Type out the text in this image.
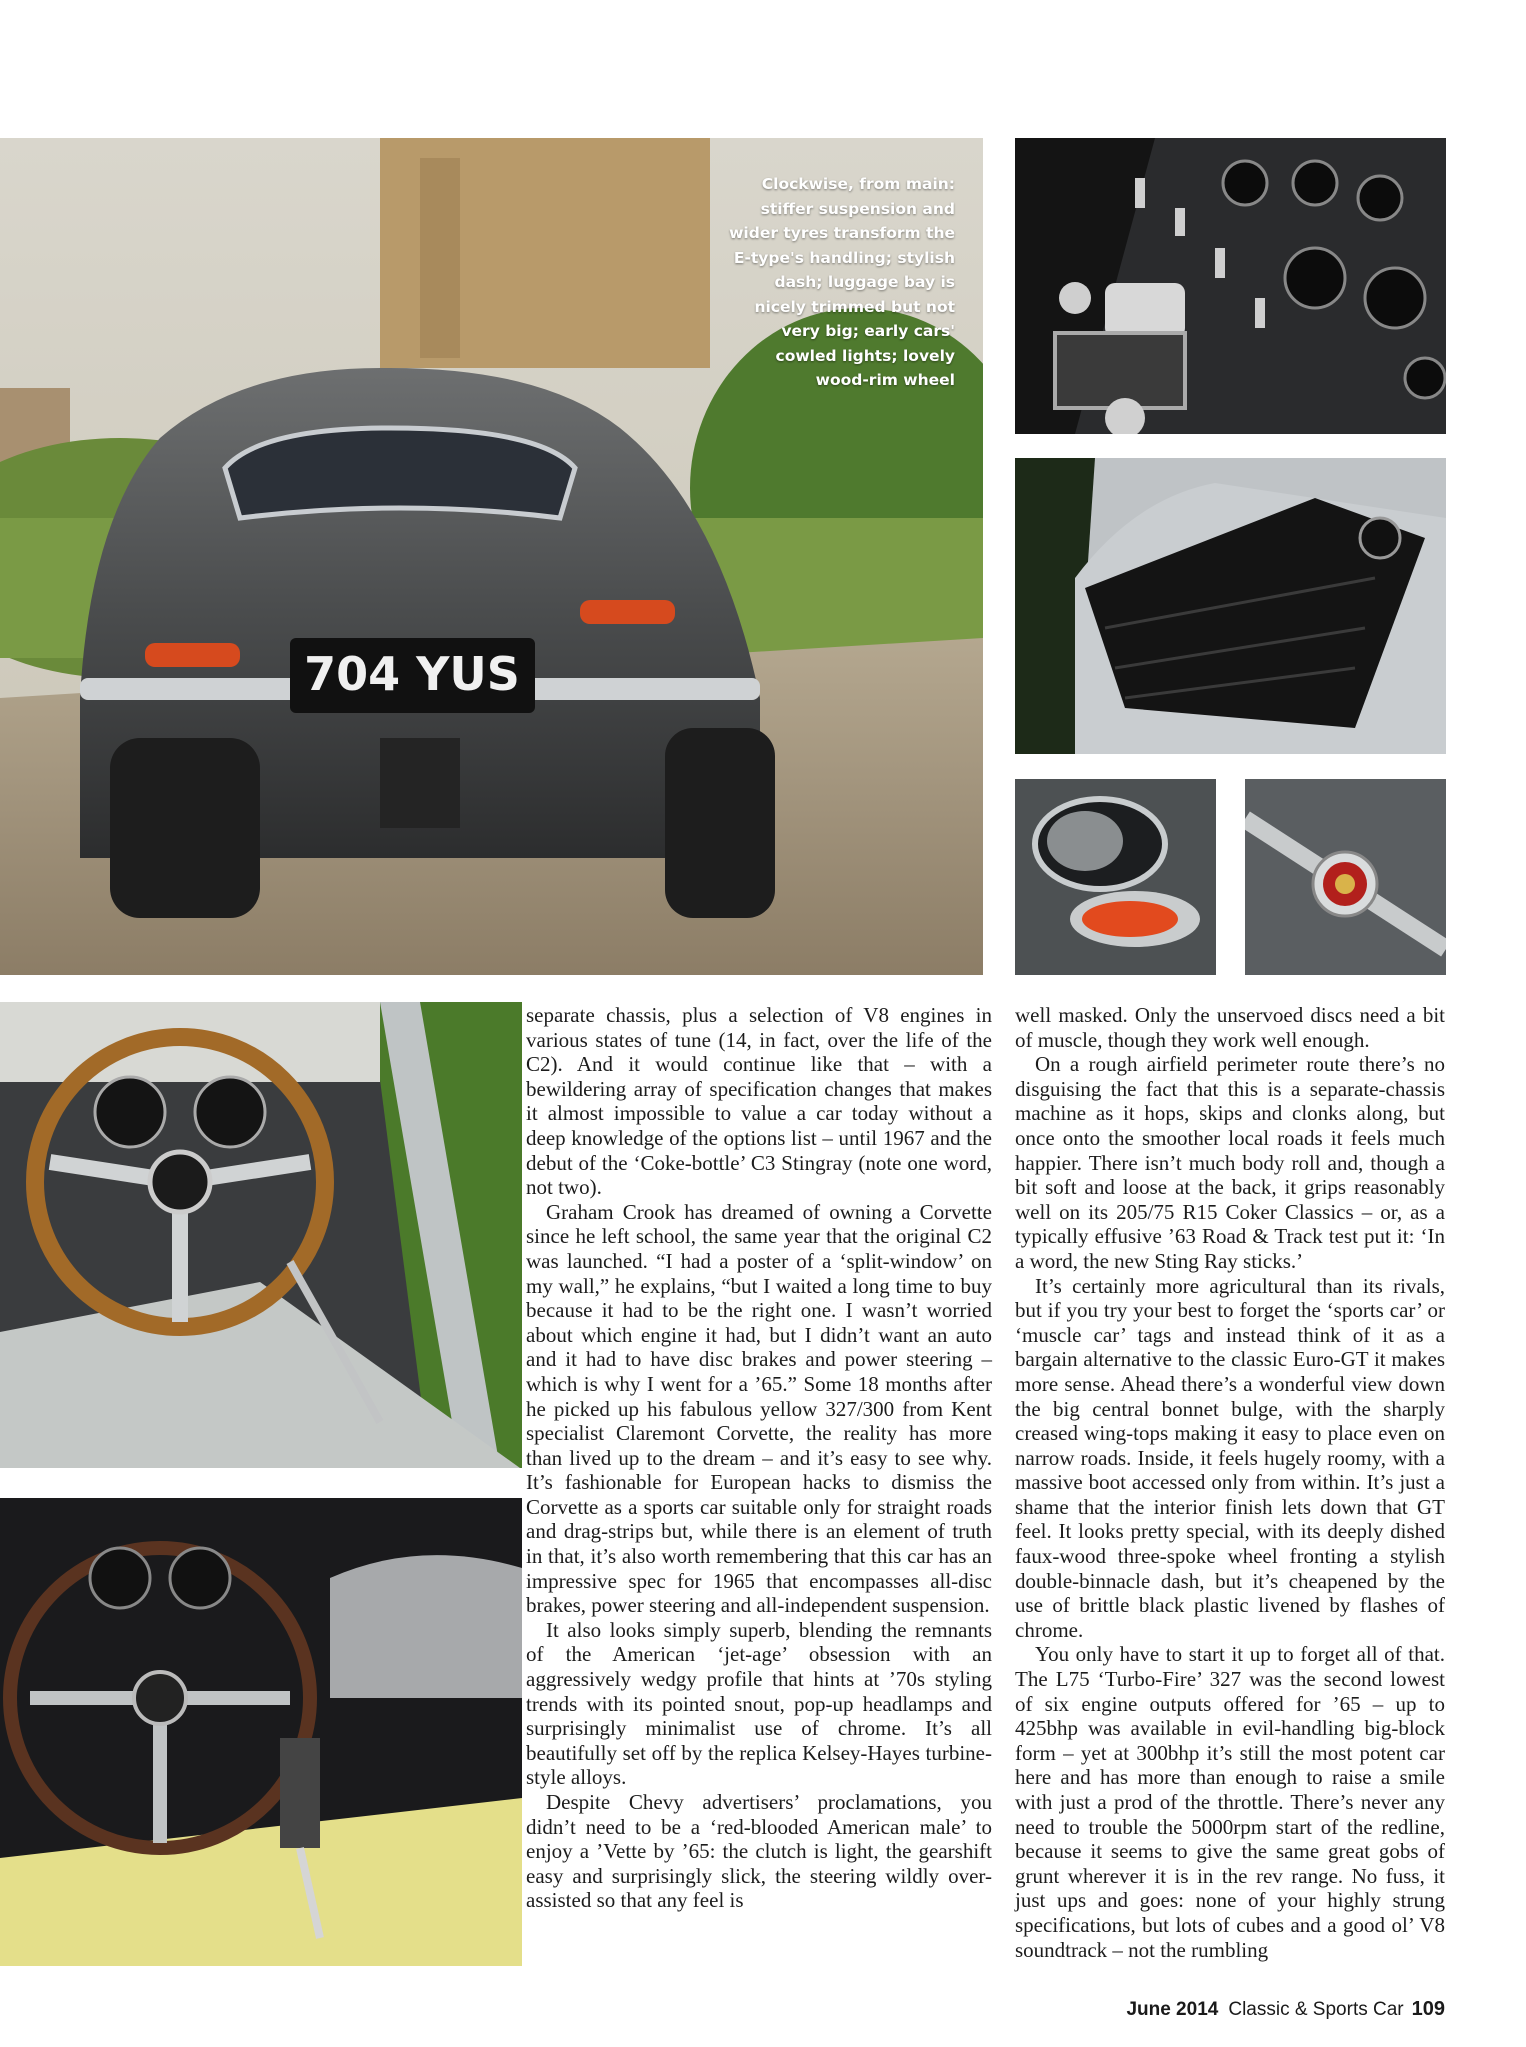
704 YUS
Clockwise, from main: stiffer suspension and wider tyres transform the E-type's handling; stylish dash; luggage bay is nicely trimmed but not very big; early cars' cowled lights; lovely wood-rim wheel

separate chassis, plus a selection of V8 engines in various states of tune (14, in fact, over the life of the C2). And it would continue like that – with a bewildering array of specification changes that makes it almost impossible to value a car today without a deep knowledge of the options list – until 1967 and the debut of the ‘Coke-bottle’ C3 Stingray (note one word, not two).

Graham Crook has dreamed of owning a Corvette since he left school, the same year that the original C2 was launched. “I had a poster of a ‘split-window’ on my wall,” he explains, “but I waited a long time to buy because it had to be the right one. I wasn’t worried about which engine it had, but I didn’t want an auto and it had to have disc brakes and power steering – which is why I went for a ’65.” Some 18 months after he picked up his fabulous yellow 327/300 from Kent specialist Claremont Corvette, the reality has more than lived up to the dream – and it’s easy to see why. It’s fashionable for European hacks to dismiss the Corvette as a sports car suitable only for straight roads and drag-strips but, while there is an element of truth in that, it’s also worth remembering that this car has an impressive spec for 1965 that encompasses all-disc brakes, power steering and all-independent suspension.

It also looks simply superb, blending the remnants of the American ‘jet-age’ obsession with an aggressively wedgy profile that hints at ’70s styling trends with its pointed snout, pop-up headlamps and surprisingly minimalist use of chrome. It’s all beautifully set off by the replica Kelsey-Hayes turbine-style alloys.

Despite Chevy advertisers’ proclamations, you didn’t need to be a ‘red-blooded American male’ to enjoy a ’Vette by ’65: the clutch is light, the gearshift easy and surprisingly slick, the steering wildly over-assisted so that any feel is

well masked. Only the unservoed discs need a bit of muscle, though they work well enough.

On a rough airfield perimeter route there’s no disguising the fact that this is a separate-chassis machine as it hops, skips and clonks along, but once onto the smoother local roads it feels much happier. There isn’t much body roll and, though a bit soft and loose at the back, it grips reasonably well on its 205/75 R15 Coker Classics – or, as a typically effusive ’63 Road & Track test put it: ‘In a word, the new Sting Ray sticks.’

It’s certainly more agricultural than its rivals, but if you try your best to forget the ‘sports car’ or ‘muscle car’ tags and instead think of it as a bargain alternative to the classic Euro-GT it makes more sense. Ahead there’s a wonderful view down the big central bonnet bulge, with the sharply creased wing-tops making it easy to place even on narrow roads. Inside, it feels hugely roomy, with a massive boot accessed only from within. It’s just a shame that the interior finish lets down that GT feel. It looks pretty special, with its deeply dished faux-wood three-spoke wheel fronting a stylish double-binnacle dash, but it’s cheapened by the use of brittle black plastic livened by flashes of chrome.

You only have to start it up to forget all of that. The L75 ‘Turbo-Fire’ 327 was the second lowest of six engine outputs offered for ’65 – up to 425bhp was available in evil-handling big-block form – yet at 300bhp it’s still the most potent car here and has more than enough to raise a smile with just a prod of the throttle. There’s never any need to trouble the 5000rpm start of the redline, because it seems to give the same great gobs of grunt wherever it is in the rev range. No fuss, it just ups and goes: none of your highly strung specifications, but lots of cubes and a good ol’ V8 soundtrack – not the rumbling

June 2014 Classic & Sports Car 109
